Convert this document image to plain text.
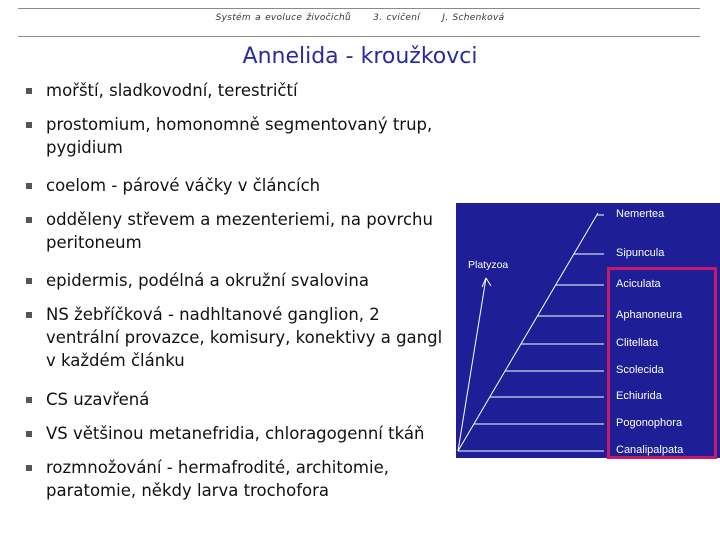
Systém a evoluce živočichů 3. cvičení J. Schenková
Annelida - kroužkovci
mořští, sladkovodní, terestričtí
prostomium, homonomně segmentovaný trup,
pygidium
coelom - párové váčky v článcích
odděleny střevem a mezenteriemi, na povrchu
peritoneum
epidermis, podélná a okružní svalovina
NS žebříčková - nadhltanové ganglion, 2
ventrální provazce, komisury, konektivy a gangl
v každém článku
CS uzavřená
VS většinou metanefridia, chloragogenní tkáň
rozmnožování - hermafrodité, architomie,
paratomie, někdy larva trochofora
Platyzoa
Nemertea
Sipuncula
Aciculata
Aphanoneura
Clitellata
Scolecida
Echiurida
Pogonophora
Canalipalpata
